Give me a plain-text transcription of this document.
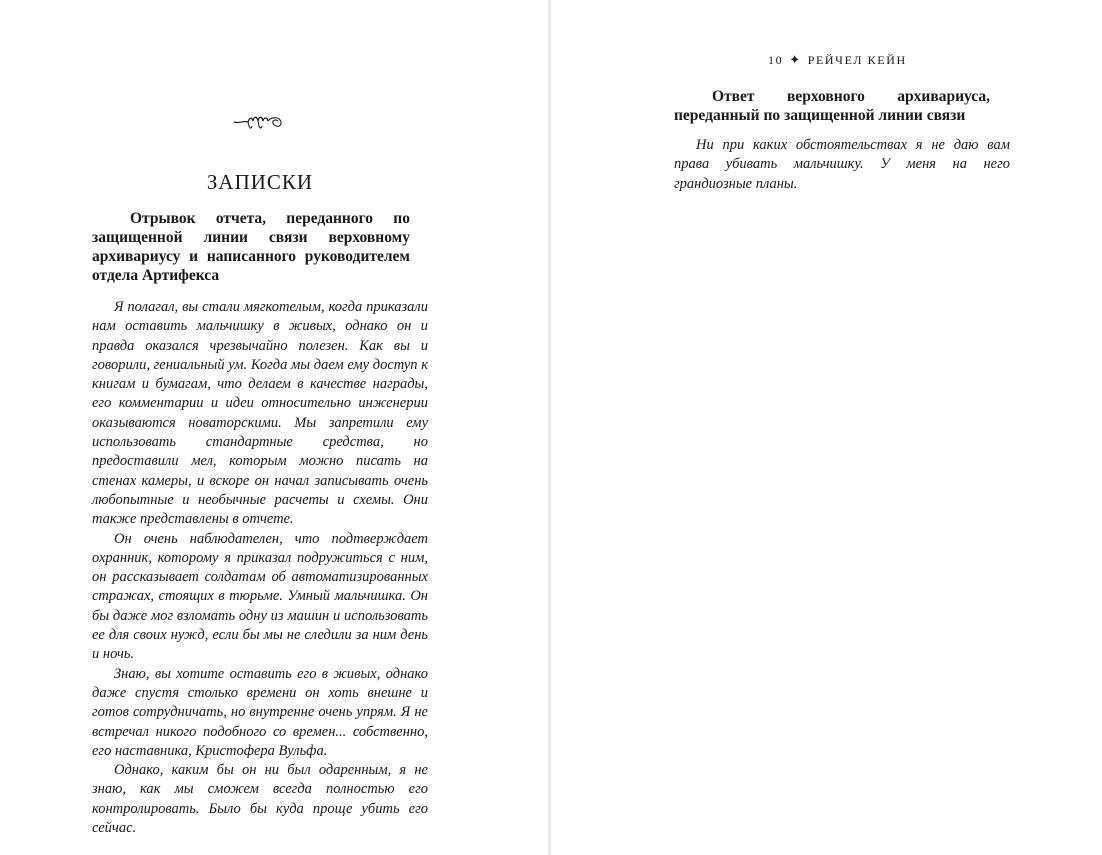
ЗАПИСКИ

Отрывок отчета, переданного по защищенной линии связи верховному архивариусу и написанного руководителем отдела Артифекса

Я полагал, вы стали мягкотелым, когда приказали нам оставить мальчишку в живых, однако он и правда оказался чрезвычайно полезен. Как вы и говорили, гениальный ум. Когда мы даем ему доступ к книгам и бумагам, что делаем в качестве награды, его комментарии и идеи относительно инженерии оказываются новаторскими. Мы запретили ему использовать стандартные средства, но предоставили мел, которым можно писать на стенах камеры, и вскоре он начал записывать очень любопытные и необычные расчеты и схемы. Они также представлены в отчете.

Он очень наблюдателен, что подтверждает охранник, которому я приказал подружиться с ним, он рассказывает солдатам об автоматизированных стражах, стоящих в тюрьме. Умный мальчишка. Он бы даже мог взломать одну из машин и использовать ее для своих нужд, если бы мы не следили за ним день и ночь.

Знаю, вы хотите оставить его в живых, однако даже спустя столько времени он хоть внешне и готов сотрудничать, но внутренне очень упрям. Я не встречал никого подобного со времен... собственно, его наставника, Кристофера Вульфа.

Однако, каким бы он ни был одаренным, я не знаю, как мы сможем всегда полностью его контролировать. Было бы куда проще убить его сейчас.

10 ✦ РЕЙЧЕЛ КЕЙН

Ответ верховного архивариуса, переданный по защищенной линии связи

Ни при каких обстоятельствах я не даю вам права убивать мальчишку. У меня на него грандиозные планы.
